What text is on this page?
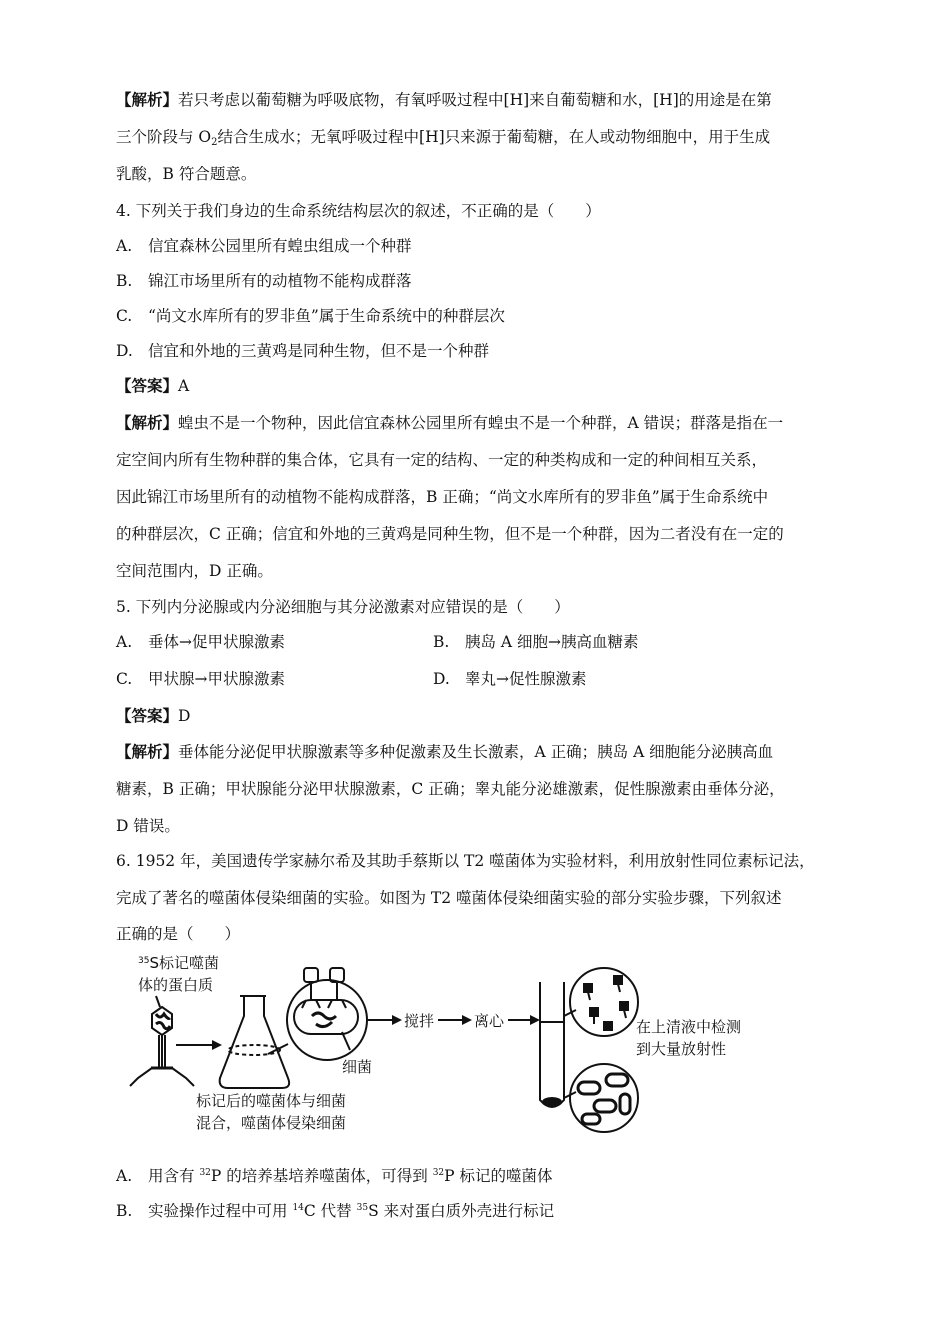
【解析】若只考虑以葡萄糖为呼吸底物，有氧呼吸过程中[H]来自葡萄糖和水，[H]的用途是在第
三个阶段与 $O_2$结合生成水；无氧呼吸过程中[H]只来源于葡萄糖，在人或动物细胞中，用于生成
乳酸，B 符合题意。
4. 下列关于我们身边的生命系统结构层次的叙述，不正确的是（　　）
A. 信宜森林公园里所有蝗虫组成一个种群
B. 锦江市场里所有的动植物不能构成群落
C. “尚文水库所有的罗非鱼”属于生命系统中的种群层次
D. 信宜和外地的三黄鸡是同种生物，但不是一个种群
【答案】A
【解析】蝗虫不是一个物种，因此信宜森林公园里所有蝗虫不是一个种群，A 错误；群落是指在一
定空间内所有生物种群的集合体，它具有一定的结构、一定的种类构成和一定的种间相互关系，
因此锦江市场里所有的动植物不能构成群落，B 正确；“尚文水库所有的罗非鱼”属于生命系统中
的种群层次，C 正确；信宜和外地的三黄鸡是同种生物，但不是一个种群，因为二者没有在一定的
空间范围内，D 正确。
5. 下列内分泌腺或内分泌细胞与其分泌激素对应错误的是（　　）
A. 垂体→促甲状腺激素	B. 胰岛 A 细胞→胰高血糖素
C. 甲状腺→甲状腺激素	D. 睾丸→促性腺激素
【答案】D
【解析】垂体能分泌促甲状腺激素等多种促激素及生长激素，A 正确；胰岛 A 细胞能分泌胰高血
糖素，B 正确；甲状腺能分泌甲状腺激素，C 正确；睾丸能分泌雄激素，促性腺激素由垂体分泌，
D 错误。
6. 1952 年，美国遗传学家赫尔希及其助手蔡斯以 T2 噬菌体为实验材料，利用放射性同位素标记法，
完成了著名的噬菌体侵染细菌的实验。如图为 T2 噬菌体侵染细菌实验的部分实验步骤，下列叙述
正确的是（　　）
$^{35}$S标记噬菌
体的蛋白质
细菌
标记后的噬菌体与细菌
混合，噬菌体侵染细菌
搅拌	离心	在上清液中检测
到大量放射性
A. 用含有 $^{32}$P 的培养基培养噬菌体，可得到 $^{32}$P 标记的噬菌体
B. 实验操作过程中可用 $^{14}$C 代替 $^{35}$S 来对蛋白质外壳进行标记
